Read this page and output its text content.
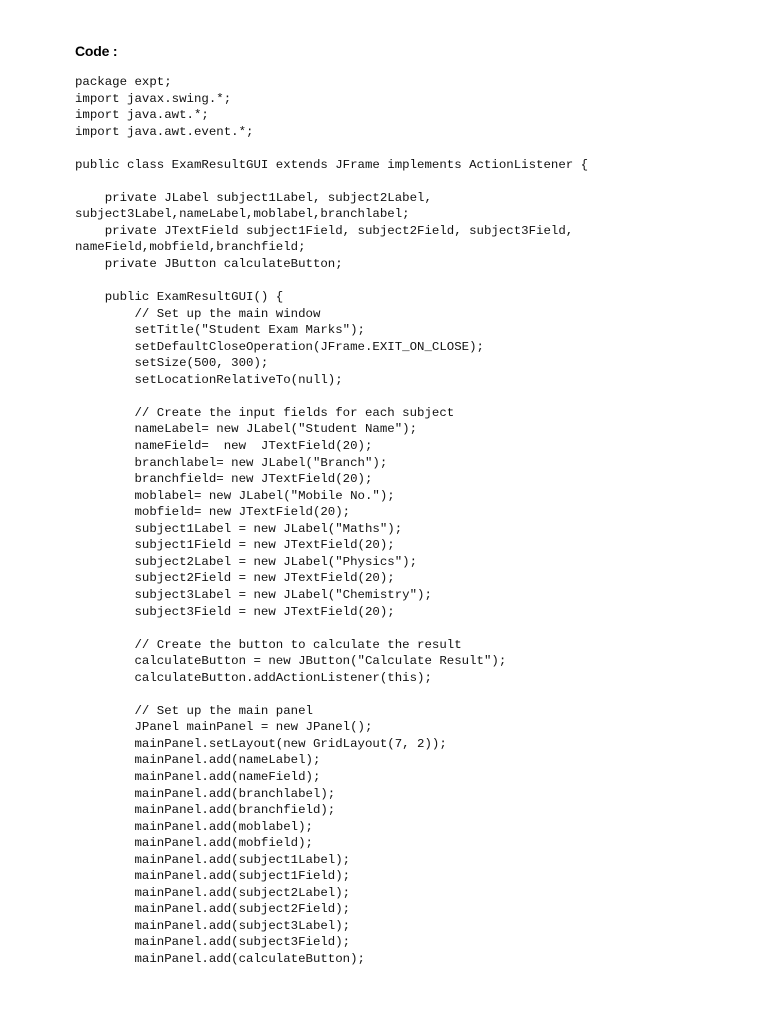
Code :
package expt;
import javax.swing.*;
import java.awt.*;
import java.awt.event.*;
public class ExamResultGUI extends JFrame implements ActionListener {
private JLabel subject1Label, subject2Label,
subject3Label,nameLabel,moblabel,branchlabel;
private JTextField subject1Field, subject2Field, subject3Field,
nameField,mobfield,branchfield;
private JButton calculateButton;
public ExamResultGUI() {
// Set up the main window
setTitle("Student Exam Marks");
setDefaultCloseOperation(JFrame.EXIT_ON_CLOSE);
setSize(500, 300);
setLocationRelativeTo(null);
// Create the input fields for each subject
nameLabel= new JLabel("Student Name");
nameField=  new  JTextField(20);
branchlabel= new JLabel("Branch");
branchfield= new JTextField(20);
moblabel= new JLabel("Mobile No.");
mobfield= new JTextField(20);
subject1Label = new JLabel("Maths");
subject1Field = new JTextField(20);
subject2Label = new JLabel("Physics");
subject2Field = new JTextField(20);
subject3Label = new JLabel("Chemistry");
subject3Field = new JTextField(20);
// Create the button to calculate the result
calculateButton = new JButton("Calculate Result");
calculateButton.addActionListener(this);
// Set up the main panel
JPanel mainPanel = new JPanel();
mainPanel.setLayout(new GridLayout(7, 2));
mainPanel.add(nameLabel);
mainPanel.add(nameField);
mainPanel.add(branchlabel);
mainPanel.add(branchfield);
mainPanel.add(moblabel);
mainPanel.add(mobfield);
mainPanel.add(subject1Label);
mainPanel.add(subject1Field);
mainPanel.add(subject2Label);
mainPanel.add(subject2Field);
mainPanel.add(subject3Label);
mainPanel.add(subject3Field);
mainPanel.add(calculateButton);
